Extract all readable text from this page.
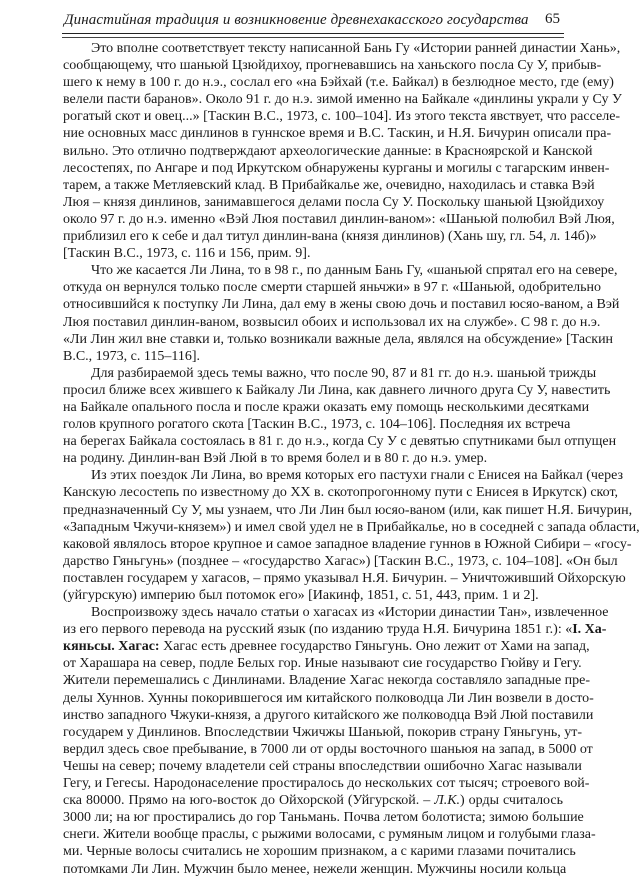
Династийная традиция и возникновение древнехакасского государства 65
Это вполне соответствует тексту написанной Бань Гу «Истории ранней династии Хань»,
сообщающему, что шаньюй Цзюйдихоу, прогневавшись на ханьского посла Су У, прибыв-
шего к нему в 100 г. до н.э., сослал его «на Бэйхай (т.е. Байкал) в безлюдное место, где (ему)
велели пасти баранов». Около 91 г. до н.э. зимой именно на Байкале «динлины украли у Су У
рогатый скот и овец...» [Таскин В.С., 1973, с. 100–104]. Из этого текста явствует, что расселе-
ние основных масс динлинов в гуннское время и В.С. Таскин, и Н.Я. Бичурин описали пра-
вильно. Это отлично подтверждают археологические данные: в Красноярской и Канской
лесостепях, по Ангаре и под Иркутском обнаружены курганы и могилы с тагарским инвен-
тарем, а также Метляевский клад. В Прибайкалье же, очевидно, находилась и ставка Вэй
Люя – князя динлинов, занимавшегося делами посла Су У. Поскольку шаньюй Цзюйдихоу
около 97 г. до н.э. именно «Вэй Люя поставил динлин-ваном»: «Шаньюй полюбил Вэй Люя,
приблизил его к себе и дал титул динлин-вана (князя динлинов) (Хань шу, гл. 54, л. 14б)»
[Таскин В.С., 1973, с. 116 и 156, прим. 9].
Что же касается Ли Лина, то в 98 г., по данным Бань Гу, «шаньюй спрятал его на севере,
откуда он вернулся только после смерти старшей яньчжи» в 97 г. «Шаньюй, одобрительно
относившийся к поступку Ли Лина, дал ему в жены свою дочь и поставил юсяо-ваном, а Вэй
Люя поставил динлин-ваном, возвысил обоих и использовал их на службе». С 98 г. до н.э.
«Ли Лин жил вне ставки и, только возникали важные дела, являлся на обсуждение» [Таскин
В.С., 1973, с. 115–116].
Для разбираемой здесь темы важно, что после 90, 87 и 81 гг. до н.э. шаньюй трижды
просил ближе всех жившего к Байкалу Ли Лина, как давнего личного друга Су У, навестить
на Байкале опального посла и после кражи оказать ему помощь несколькими десятками
голов крупного рогатого скота [Таскин В.С., 1973, с. 104–106]. Последняя их встреча
на берегах Байкала состоялась в 81 г. до н.э., когда Су У с девятью спутниками был отпущен
на родину. Динлин-ван Вэй Люй в то время болел и в 80 г. до н.э. умер.
Из этих поездок Ли Лина, во время которых его пастухи гнали с Енисея на Байкал (через
Канскую лесостепь по известному до XX в. скотопрогонному пути с Енисея в Иркутск) скот,
предназначенный Су У, мы узнаем, что Ли Лин был юсяо-ваном (или, как пишет Н.Я. Бичурин,
«Западным Чжучи-князем») и имел свой удел не в Прибайкалье, но в соседней с запада области,
каковой являлось второе крупное и самое западное владение гуннов в Южной Сибири – «госу-
дарство Гяньгунь» (позднее – «государство Хагас») [Таскин В.С., 1973, с. 104–108]. «Он был
поставлен государем у хагасов, – прямо указывал Н.Я. Бичурин. – Уничтоживший Ойхорскую
(уйгурскую) империю был потомок его» [Иакинф, 1851, с. 51, 443, прим. 1 и 2].
Воспроизвожу здесь начало статьи о хагасах из «Истории династии Тан», извлеченное
из его первого перевода на русский язык (по изданию труда Н.Я. Бичурина 1851 г.): «I. Ха-
кяньсы. Хагас: Хагас есть древнее государство Гяньгунь. Оно лежит от Хами на запад,
от Харашара на север, подле Белых гор. Иные называют сие государство Гюйву и Гегу.
Жители перемешались с Динлинами. Владение Хагас некогда составляло западные пре-
делы Хуннов. Хунны покорившегося им китайского полководца Ли Лин возвели в досто-
инство западного Чжуки-князя, а другого китайского же полководца Вэй Люй поставили
государем у Динлинов. Впоследствии Чжичжы Шаньюй, покорив страну Гяньгунь, ут-
вердил здесь свое пребывание, в 7000 ли от орды восточного шаньюя на запад, в 5000 от
Чешы на север; почему владетели сей страны впоследствии ошибочно Хагас называли
Гегу, и Гегесы. Народонаселение простиралось до нескольких сот тысяч; строевого вой-
ска 80000. Прямо на юго-восток до Ойхорской (Уйгурской. – Л.К.) орды считалось
3000 ли; на юг простирались до гор Таньмань. Почва летом болотиста; зимою большие
снеги. Жители вообще праслы, с рыжими волосами, с румяным лицом и голубыми глаза-
ми. Черные волосы считались не хорошим признаком, а с карими глазами почитались
потомками Ли Лин. Мужчин было менее, нежели женщин. Мужчины носили кольца
